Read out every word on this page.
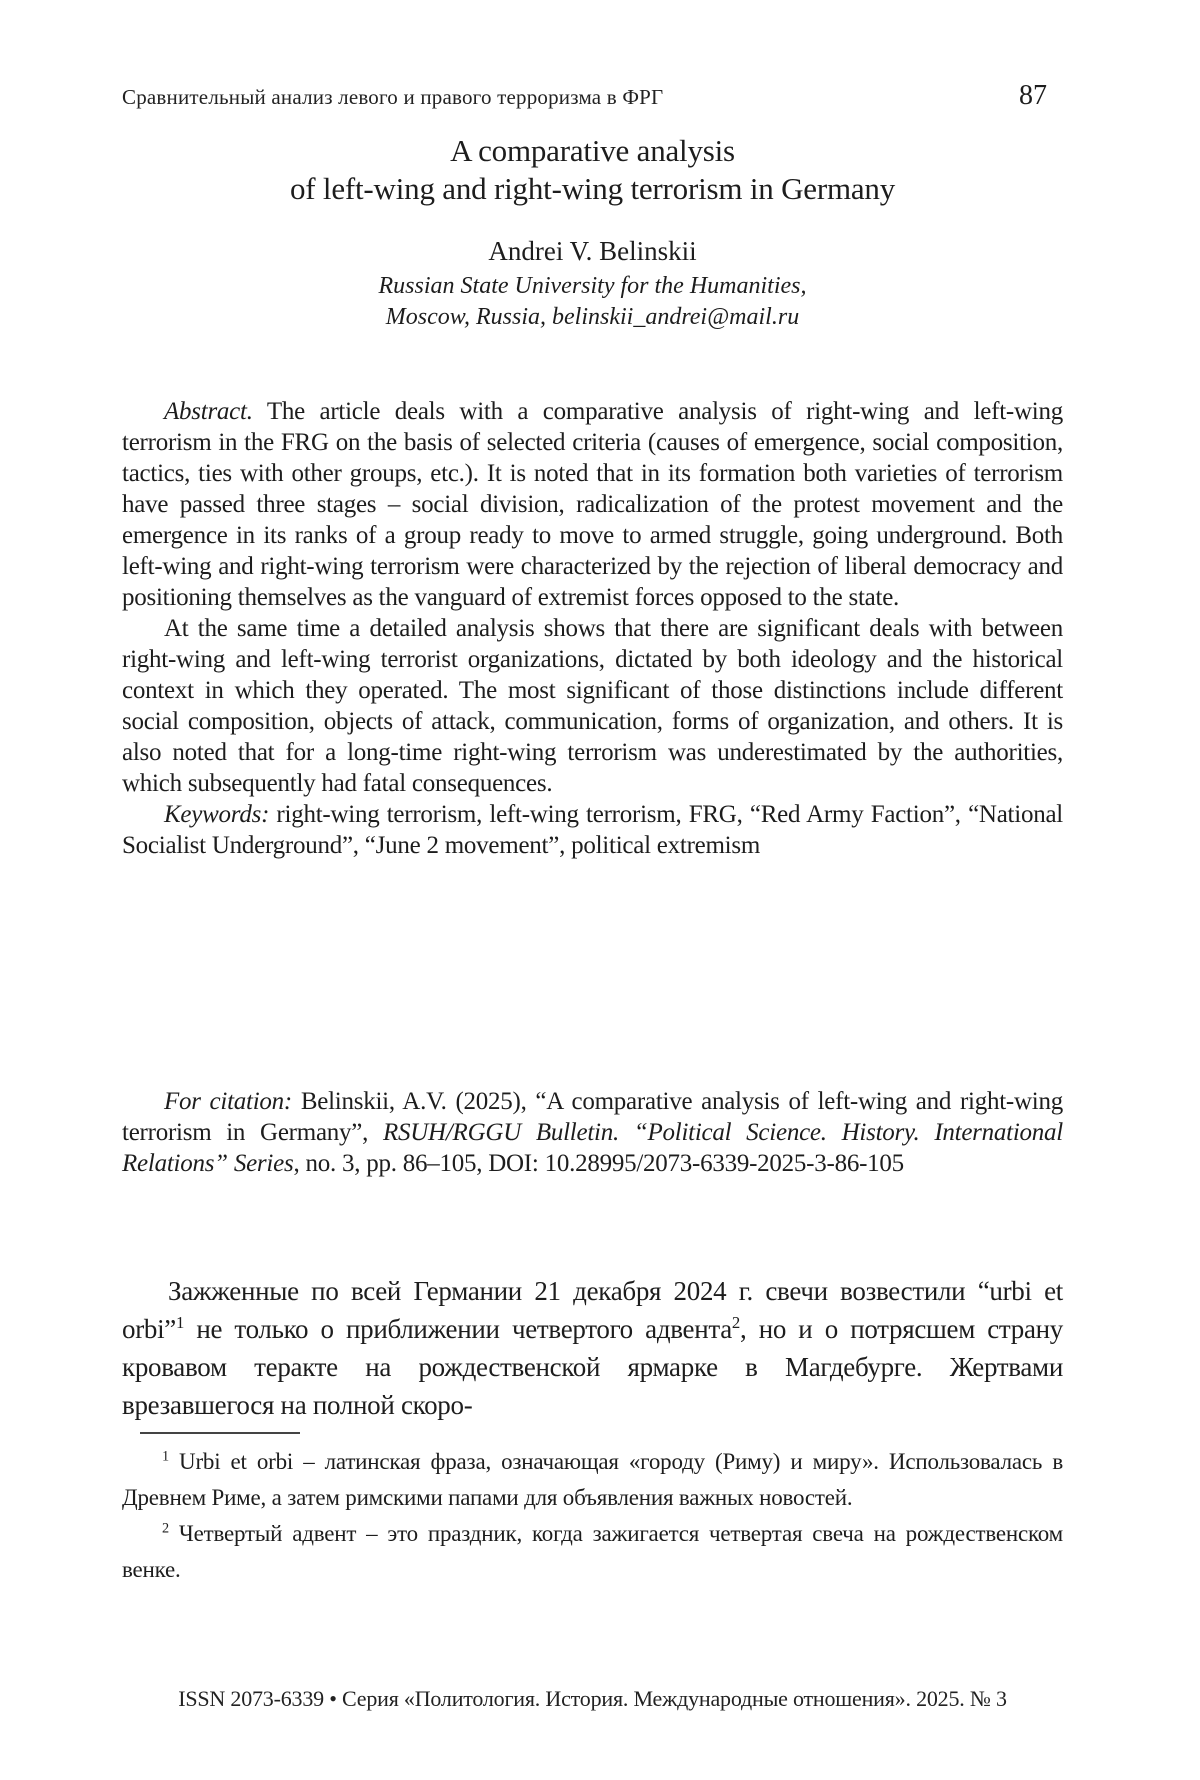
Сравнительный анализ левого и правого терроризма в ФРГ	87
A comparative analysis
of left-wing and right-wing terrorism in Germany
Andrei V. Belinskii
Russian State University for the Humanities,
Moscow, Russia, belinskii_andrei@mail.ru

Abstract. The article deals with a comparative analysis of right-wing and left-wing terrorism in the FRG on the basis of selected criteria (causes of emergence, social composition, tactics, ties with other groups, etc.). It is noted that in its formation both varieties of terrorism have passed three stages – social division, radicalization of the protest movement and the emergence in its ranks of a group ready to move to armed struggle, going underground. Both left-wing and right-wing terrorism were characterized by the rejection of liberal democracy and positioning themselves as the vanguard of extremist forces opposed to the state.

At the same time a detailed analysis shows that there are significant deals with between right-wing and left-wing terrorist organizations, dictated by both ideology and the historical context in which they operated. The most significant of those distinctions include different social composition, objects of attack, communication, forms of organization, and others. It is also noted that for a long-time right-wing terrorism was underestimated by the authorities, which subsequently had fatal consequences.

Keywords: right-wing terrorism, left-wing terrorism, FRG, “Red Army Faction”, “National Socialist Underground”, “June 2 movement”, political extremism

For citation: Belinskii, A.V. (2025), “A comparative analysis of left-wing and right-wing terrorism in Germany”, RSUH/RGGU Bulletin. “Political Science. History. International Relations” Series, no. 3, pp. 86–105, DOI: 10.28995/2073-6339-2025-3-86-105

Зажженные по всей Германии 21 декабря 2024 г. свечи возвестили “urbi et orbi”$^1$ не только о приближении четвертого адвента$^2$, но и о потрясшем страну кровавом теракте на рождественской ярмарке в Магдебурге. Жертвами врезавшегося на полной скоро-

$^1$ Urbi et orbi – латинская фраза, означающая «городу (Риму) и миру». Использовалась в Древнем Риме, а затем римскими папами для объявления важных новостей.

$^2$ Четвертый адвент – это праздник, когда зажигается четвертая свеча на рождественском венке.

ISSN 2073-6339 • Серия «Политология. История. Международные отношения». 2025. № 3
